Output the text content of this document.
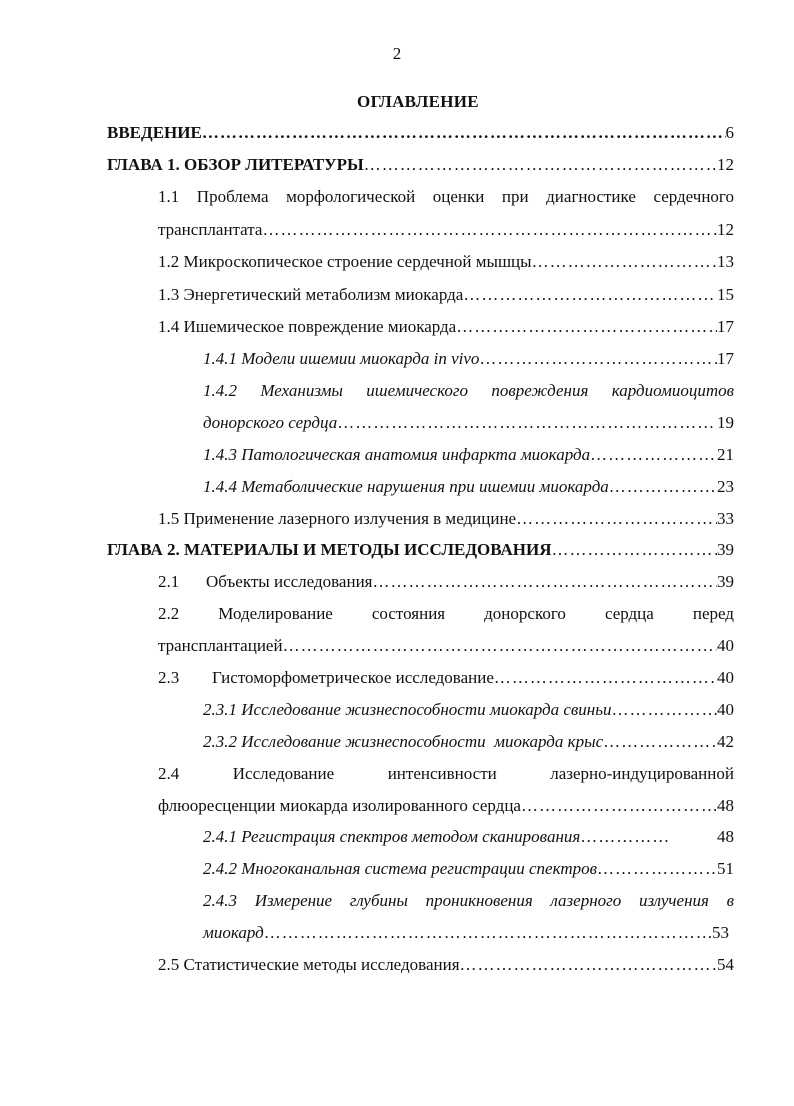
2
ОГЛАВЛЕНИЕ
ВВЕДЕНИЕ ……………………………………………………………………………………………………………………………………………………………………………………………………	6
ГЛАВА 1. ОБЗОР ЛИТЕРАТУРЫ ……………………………………………………………………………………………………………………………………………………………………………………………………	12
1.1 Проблема морфологической оценки при диагностике сердечного
трансплантата ……………………………………………………………………………………………………………………………………………………………………………………………………	12
1.2 Микроскопическое строение сердечной мышцы ……………………………………………………………………………………………………………………………………………………………………………………………………	13
1.3 Энергетический метаболизм миокарда ……………………………………………………………………………………………………………………………………………………………………………………………………	15
1.4 Ишемическое повреждение миокарда ……………………………………………………………………………………………………………………………………………………………………………………………………	17
1.4.1 Модели ишемии миокарда in vivo ……………………………………………………………………………………………………………………………………………………………………………………………………	17
1.4.2 Механизмы ишемического повреждения кардиомиоцитов
донорского сердца ……………………………………………………………………………………………………………………………………………………………………………………………………	19
1.4.3 Патологическая анатомия инфаркта миокарда ……………………………………………………………………………………………………………………………………………………………………………………………………	21
1.4.4 Метаболические нарушения при ишемии миокарда ……………………………………………………………………………………………………………………………………………………………………………………………………	23
1.5 Применение лазерного излучения в медицине ……………………………………………………………………………………………………………………………………………………………………………………………………	33
ГЛАВА 2. МАТЕРИАЛЫ И МЕТОДЫ ИССЛЕДОВАНИЯ ……………………………………………………………………………………………………………………………………………………………………………………………………	39
2.1	Объекты исследования ……………………………………………………………………………………………………………………………………………………………………………………………………	39
2.2 Моделирование состояния донорского сердца перед
трансплантацией ……………………………………………………………………………………………………………………………………………………………………………………………………	40
2.3	Гистоморфометрическое исследование ……………………………………………………………………………………………………………………………………………………………………………………………………	40
2.3.1 Исследование жизнеспособности миокарда свиньи ……………………………………………………………………………………………………………………………………………………………………………………………………	40
2.3.2 Исследование жизнеспособности  миокарда крыс ……………………………………………………………………………………………………………………………………………………………………………………………………	42
2.4	Исследование	интенсивности	лазерно-индуцированной
флюоресценции миокарда изолированного сердца ……………………………………………………………………………………………………………………………………………………………………………………………………	48
2.4.1 Регистрация спектров методом сканирования ……………………………………………………………………………………………………………………………………………………………………………………………………	48
2.4.2 Многоканальная система регистрации спектров ……………………………………………………………………………………………………………………………………………………………………………………………………	51
2.4.3 Измерение глубины проникновения лазерного излучения в
миокард ……………………………………………………………………………………………………………………………………………………………………………………………………	53
2.5 Статистические методы исследования ……………………………………………………………………………………………………………………………………………………………………………………………………	54
